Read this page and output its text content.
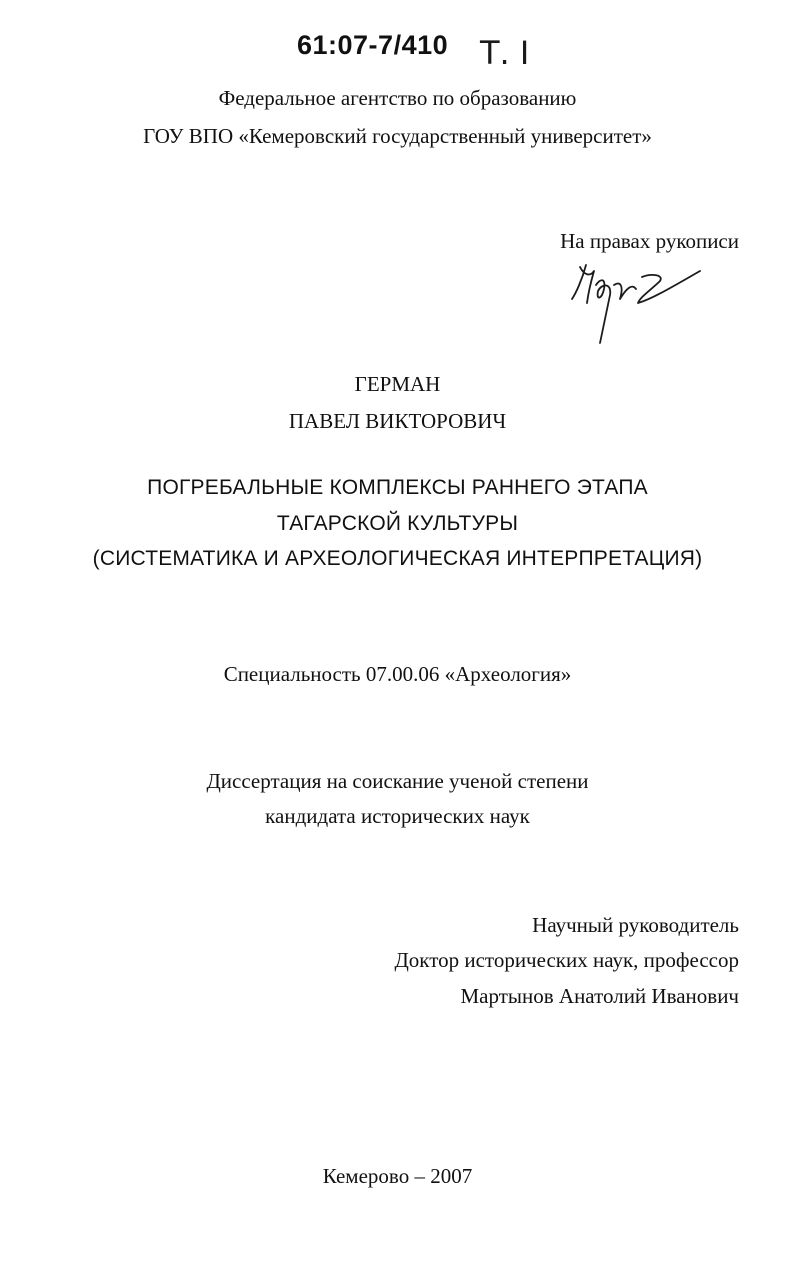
61:07-7/410 Т. I
Федеральное агентство по образованию
ГОУ ВПО «Кемеровский государственный университет»
На правах рукописи
ГЕРМАН
ПАВЕЛ ВИКТОРОВИЧ
ПОГРЕБАЛЬНЫЕ КОМПЛЕКСЫ РАННЕГО ЭТАПА
ТАГАРСКОЙ КУЛЬТУРЫ
(СИСТЕМАТИКА И АРХЕОЛОГИЧЕСКАЯ ИНТЕРПРЕТАЦИЯ)
Специальность 07.00.06 «Археология»
Диссертация на соискание ученой степени
кандидата исторических наук
Научный руководитель
Доктор исторических наук, профессор
Мартынов Анатолий Иванович
Кемерово – 2007
